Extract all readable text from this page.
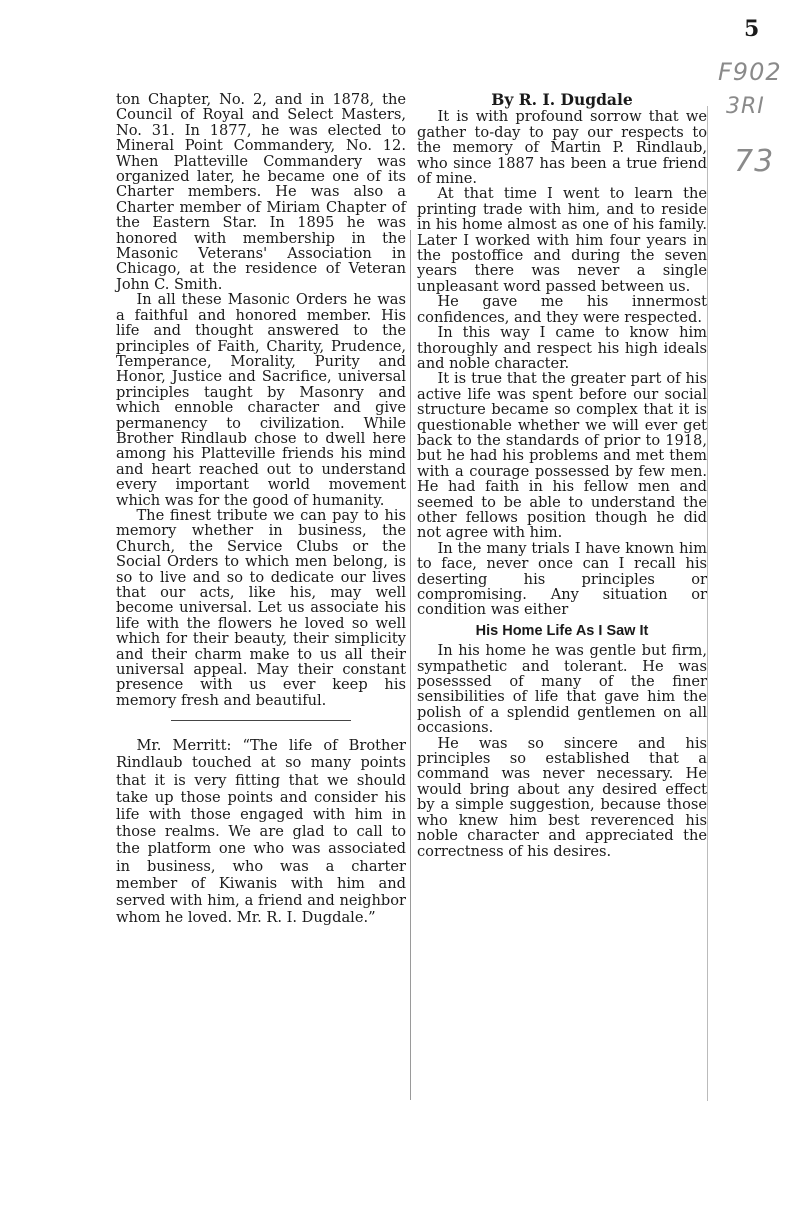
5
F902
3RI
73

ton Chapter, No. 2, and in 1878, the Council of Royal and Select Masters, No. 31. In 1877, he was elected to Mineral Point Commandery, No. 12. When Platteville Commandery was organized later, he became one of its Charter members. He was also a Charter member of Miriam Chapter of the Eastern Star. In 1895 he was honored with membership in the Masonic Veterans' Association in Chicago, at the residence of Veteran John C. Smith.

In all these Masonic Orders he was a faithful and honored member. His life and thought answered to the principles of Faith, Charity, Prudence, Temperance, Morality, Purity and Honor, Justice and Sacrifice, universal principles taught by Masonry and which ennoble character and give permanency to civilization. While Brother Rindlaub chose to dwell here among his Platteville friends his mind and heart reached out to understand every important world movement which was for the good of humanity.

The finest tribute we can pay to his memory whether in business, the Church, the Service Clubs or the Social Orders to which men belong, is so to live and so to dedicate our lives that our acts, like his, may well become universal. Let us associate his life with the flowers he loved so well which for their beauty, their simplicity and their charm make to us all their universal appeal. May their constant presence with us ever keep his memory fresh and beautiful.

Mr. Merritt: “The life of Brother Rindlaub touched at so many points that it is very fitting that we should take up those points and consider his life with those engaged with him in those realms. We are glad to call to the platform one who was associated in business, who was a charter member of Kiwanis with him and served with him, a friend and neighbor whom he loved. Mr. R. I. Dugdale.”

By R. I. Dugdale

It is with profound sorrow that we gather to-day to pay our respects to the memory of Martin P. Rindlaub, who since 1887 has been a true friend of mine.

At that time I went to learn the printing trade with him, and to reside in his home almost as one of his family. Later I worked with him four years in the postoffice and during the seven years there was never a single unpleasant word passed between us.

He gave me his innermost confidences, and they were respected.

In this way I came to know him thoroughly and respect his high ideals and noble character.

It is true that the greater part of his active life was spent before our social structure became so complex that it is questionable whether we will ever get back to the standards of prior to 1918, but he had his problems and met them with a courage possessed by few men. He had faith in his fellow men and seemed to be able to understand the other fellows position though he did not agree with him.

In the many trials I have known him to face, never once can I recall his deserting his principles or compromising. Any situation or condition was either

His Home Life As I Saw It

In his home he was gentle but firm, sympathetic and tolerant. He was posesssed of many of the finer sensibilities of life that gave him the polish of a splendid gentlemen on all occasions.

He was so sincere and his principles so established that a command was never necessary. He would bring about any desired effect by a simple suggestion, because those who knew him best reverenced his noble character and appreciated the correctness of his desires.
